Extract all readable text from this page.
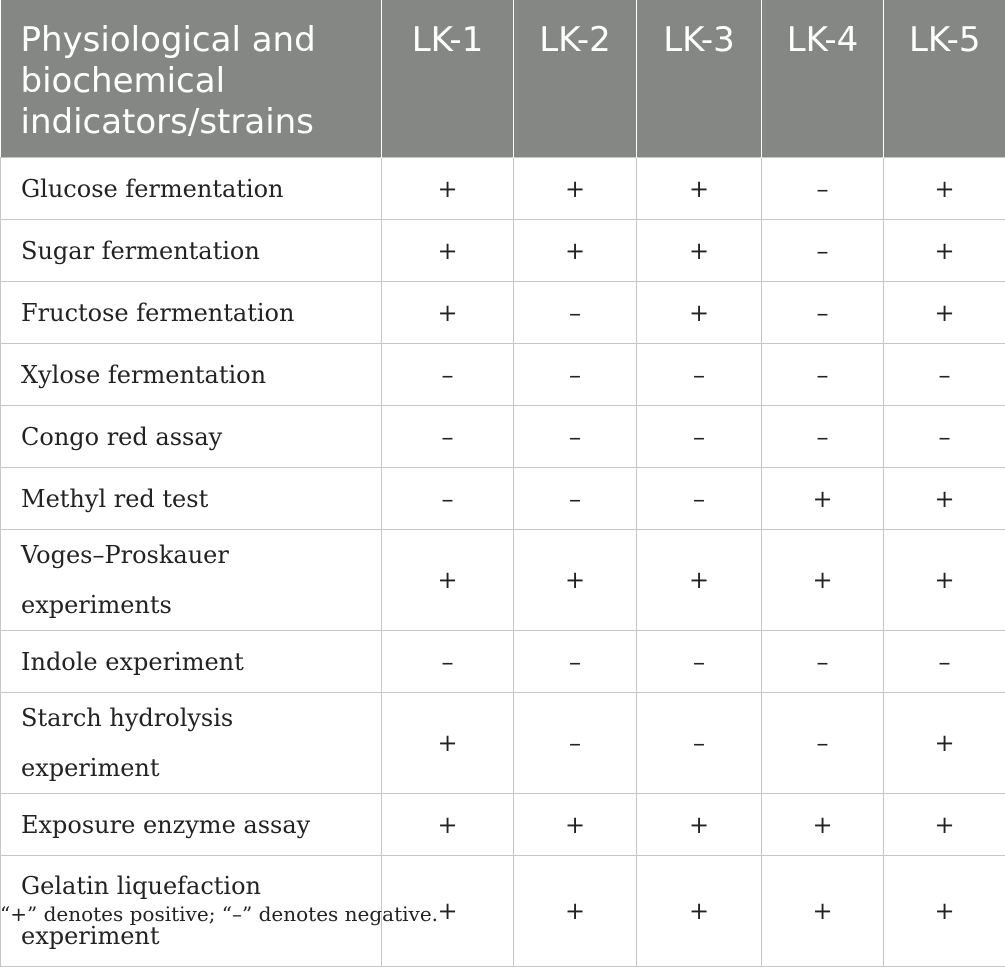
Physiological and biochemical indicators/strains	LK-1	LK-2	LK-3	LK-4	LK-5
Glucose fermentation	+	+	+	–	+
Sugar fermentation	+	+	+	–	+
Fructose fermentation	+	–	+	–	+
Xylose fermentation	–	–	–	–	–
Congo red assay	–	–	–	–	–
Methyl red test	–	–	–	+	+
Voges–Proskauer experiments	+	+	+	+	+
Indole experiment	–	–	–	–	–
Starch hydrolysis experiment	+	–	–	–	+
Exposure enzyme assay	+	+	+	+	+
Gelatin liquefaction experiment	+	+	+	+	+
“+” denotes positive; “–” denotes negative.
